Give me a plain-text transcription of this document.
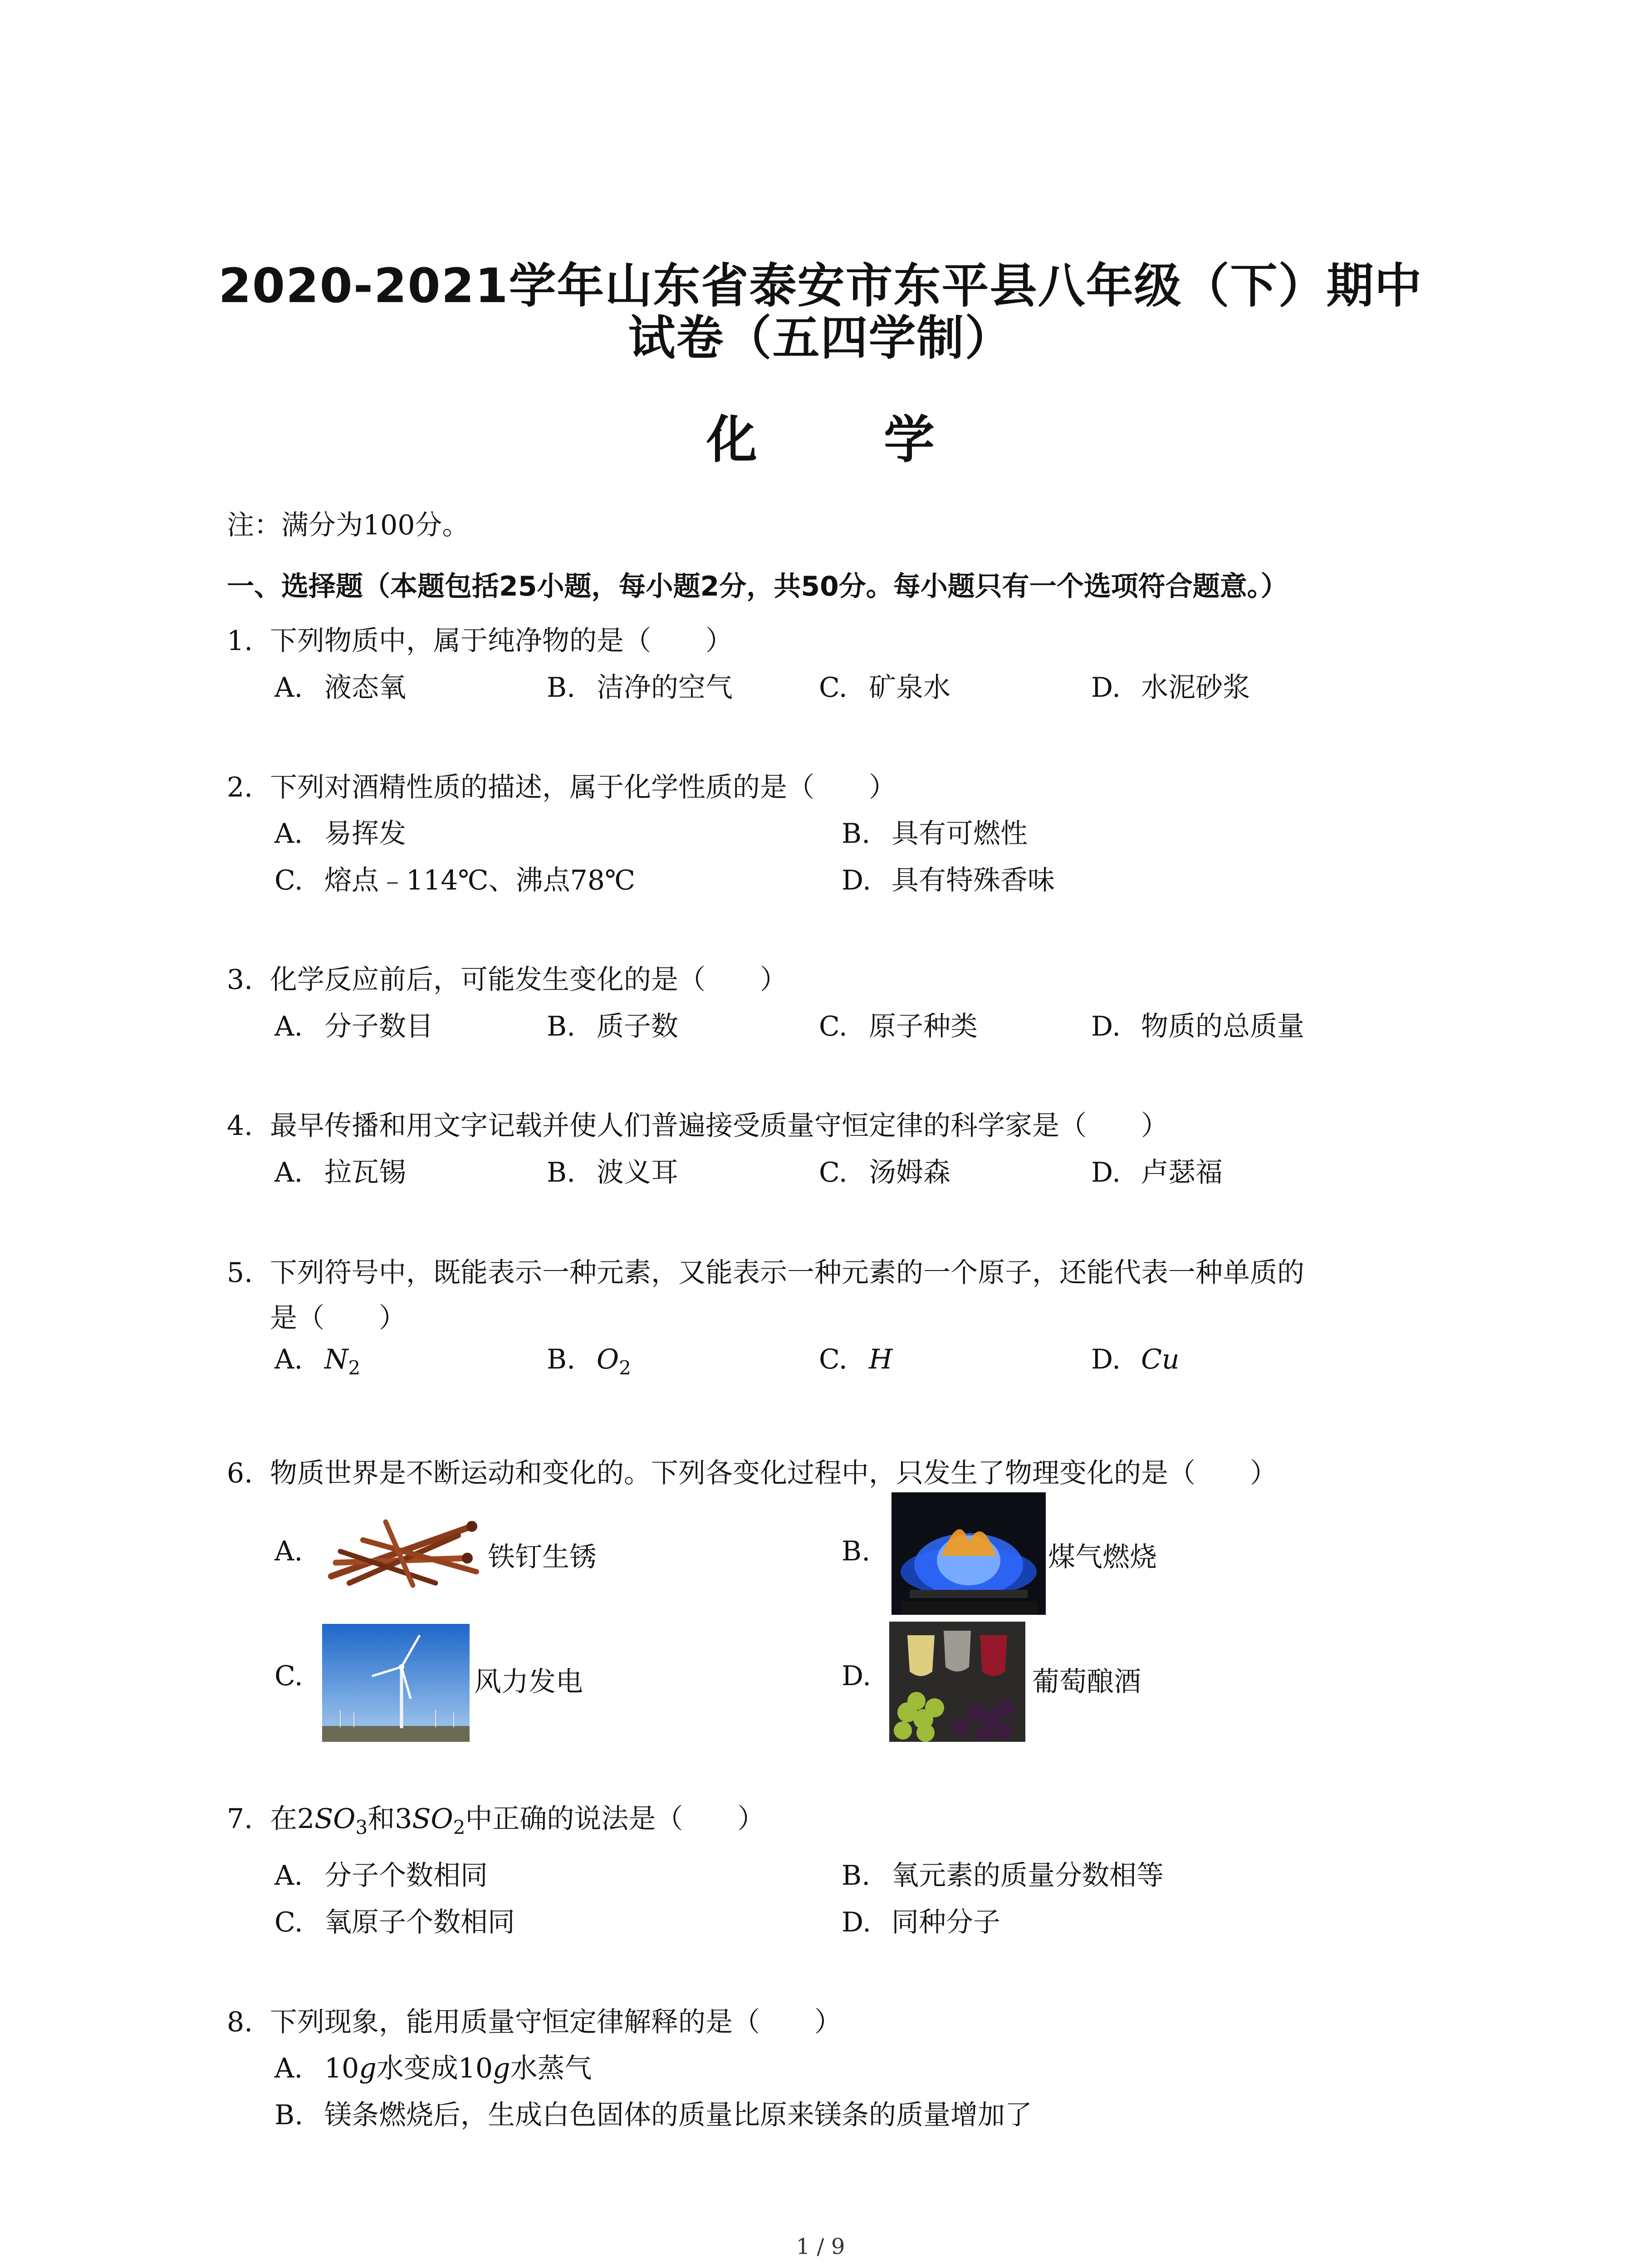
2020-2021学年山东省泰安市东平县八年级（下）期中
试卷（五四学制）
化 学
注：满分为100分。
一、选择题（本题包括25小题，每小题2分，共50分。每小题只有一个选项符合题意。）
1. 下列物质中，属于纯净物的是（　　）
A. 液态氧	B. 洁净的空气	C. 矿泉水	D. 水泥砂浆
2. 下列对酒精性质的描述，属于化学性质的是（　　）
A. 易挥发	B. 具有可燃性
C. 熔点﹣114℃、沸点78℃	D. 具有特殊香味
3. 化学反应前后，可能发生变化的是（　　）
A. 分子数目	B. 质子数	C. 原子种类	D. 物质的总质量
4. 最早传播和用文字记载并使人们普遍接受质量守恒定律的科学家是（　　）
A. 拉瓦锡	B. 波义耳	C. 汤姆森	D. 卢瑟福
5. 下列符号中，既能表示一种元素，又能表示一种元素的一个原子，还能代表一种单质的
是（　　）
A. $N_2$	B. $O_2$	C. H	D. Cu
6. 物质世界是不断运动和变化的。下列各变化过程中，只发生了物理变化的是（　　）
A.	铁钉生锈	B.	煤气燃烧
C.	风力发电	D.	葡萄酿酒
7. 在$2SO_3$和$3SO_2$中正确的说法是（　　）
A. 分子个数相同	B. 氧元素的质量分数相等
C. 氧原子个数相同	D. 同种分子
8. 下列现象，能用质量守恒定律解释的是（　　）
A. 10g水变成10g水蒸气
B. 镁条燃烧后，生成白色固体的质量比原来镁条的质量增加了
1 / 9
